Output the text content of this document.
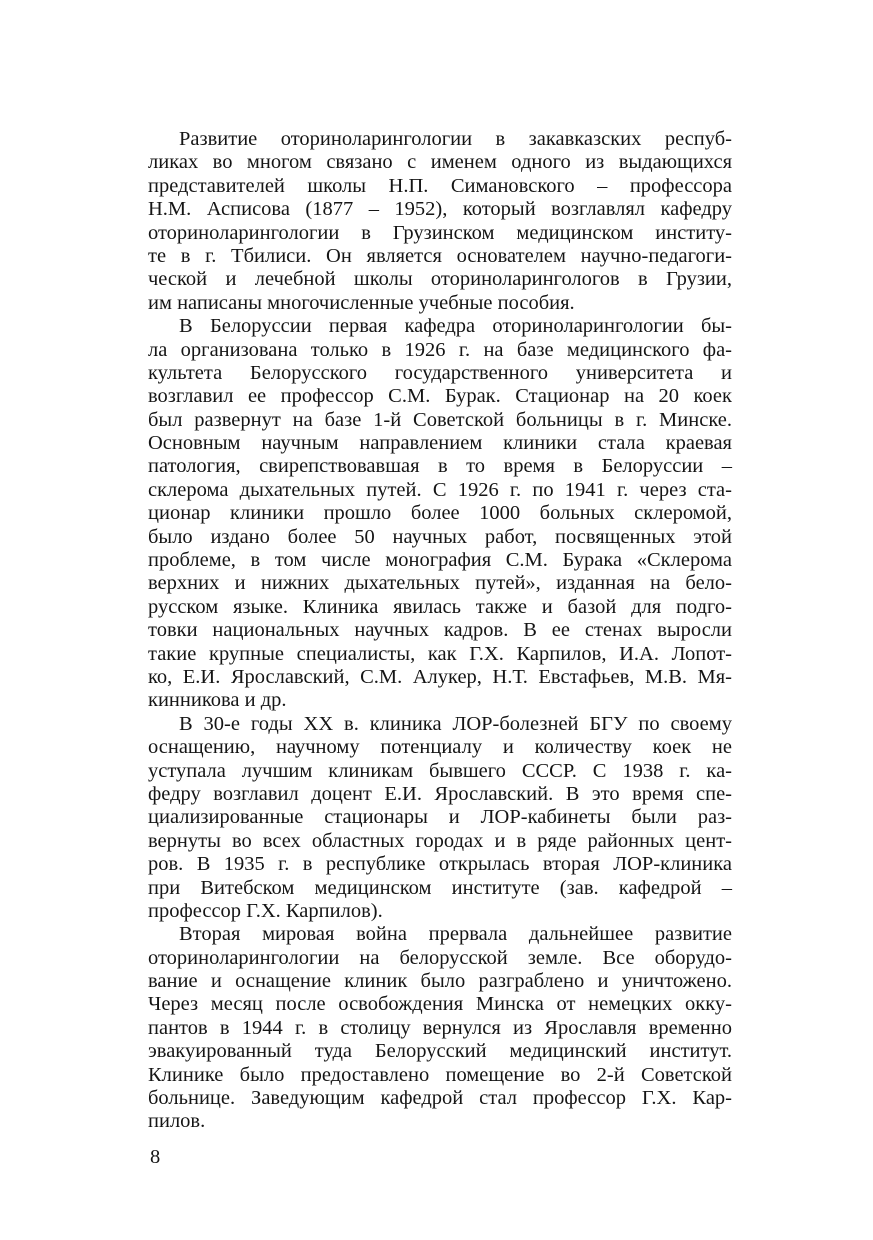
Развитие оториноларингологии в закавказских респуб-
ликах во многом связано с именем одного из выдающихся
представителей школы Н.П. Симановского – профессора
Н.М. Асписова (1877 – 1952), который возглавлял кафедру
оториноларингологии в Грузинском медицинском институ-
те в г. Тбилиси. Он является основателем научно-педагоги-
ческой и лечебной школы оториноларингологов в Грузии,
им написаны многочисленные учебные пособия.

В Белоруссии первая кафедра оториноларингологии бы-
ла организована только в 1926 г. на базе медицинского фа-
культета Белорусского государственного университета и
возглавил ее профессор С.М. Бурак. Стационар на 20 коек
был развернут на базе 1-й Советской больницы в г. Минске.
Основным научным направлением клиники стала краевая
патология, свирепствовавшая в то время в Белоруссии –
склерома дыхательных путей. С 1926 г. по 1941 г. через ста-
ционар клиники прошло более 1000 больных склеромой,
было издано более 50 научных работ, посвященных этой
проблеме, в том числе монография С.М. Бурака «Склерома
верхних и нижних дыхательных путей», изданная на бело-
русском языке. Клиника явилась также и базой для подго-
товки национальных научных кадров. В ее стенах выросли
такие крупные специалисты, как Г.Х. Карпилов, И.А. Лопот-
ко, Е.И. Ярославский, С.М. Алукер, Н.Т. Евстафьев, М.В. Мя-
кинникова и др.

В 30-е годы XX в. клиника ЛОР-болезней БГУ по своему
оснащению, научному потенциалу и количеству коек не
уступала лучшим клиникам бывшего СССР. С 1938 г. ка-
федру возглавил доцент Е.И. Ярославский. В это время спе-
циализированные стационары и ЛОР-кабинеты были раз-
вернуты во всех областных городах и в ряде районных цент-
ров. В 1935 г. в республике открылась вторая ЛОР-клиника
при Витебском медицинском институте (зав. кафедрой –
профессор Г.Х. Карпилов).

Вторая мировая война прервала дальнейшее развитие
оториноларингологии на белорусской земле. Все оборудо-
вание и оснащение клиник было разграблено и уничтожено.
Через месяц после освобождения Минска от немецких окку-
пантов в 1944 г. в столицу вернулся из Ярославля временно
эвакуированный туда Белорусский медицинский институт.
Клинике было предоставлено помещение во 2-й Советской
больнице. Заведующим кафедрой стал профессор Г.Х. Кар-
пилов.

8
